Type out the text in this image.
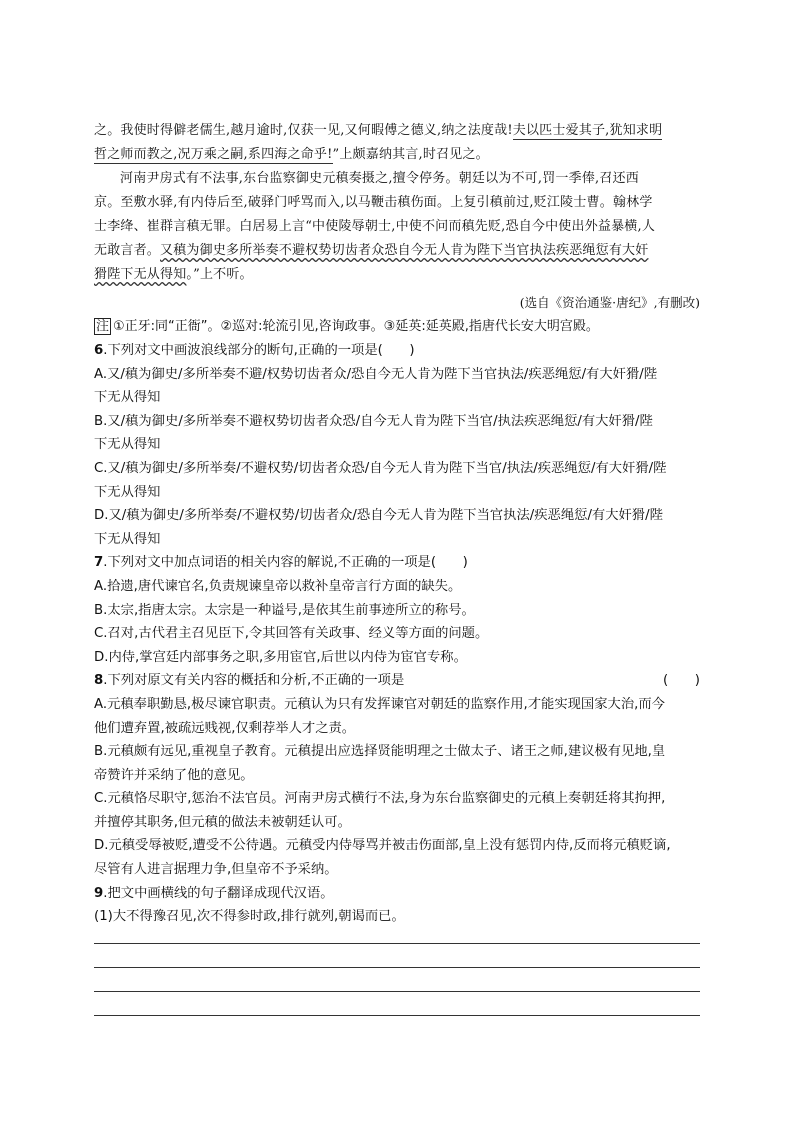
之。我使时得僻老儒生,越月逾时,仅获一见,又何暇傅之德义,纳之法度哉!夫以匹士爱其子,犹知求明
哲之师而教之,况万乘之嗣,系四海之命乎!”上颇嘉纳其言,时召见之。
河南尹房式有不法事,东台监察御史元稹奏摄之,擅令停务。朝廷以为不可,罚一季俸,召还西
京。至敷水驿,有内侍后至,破驿门呼骂而入,以马鞭击稹伤面。上复引稹前过,贬江陵士曹。翰林学
士李绛、崔群言稹无罪。白居易上言“中使陵辱朝士,中使不问而稹先贬,恐自今中使出外益暴横,人
无敢言者。又稹为御史多所举奏不避权势切齿者众恐自今无人肯为陛下当官执法疾恶绳愆有大奸
猾陛下无从得知。”上不听。
(选自《资治通鉴·唐纪》,有删改)
注 ①正牙:同“正衙”。②巡对:轮流引见,咨询政事。③延英:延英殿,指唐代长安大明宫殿。
6.下列对文中画波浪线部分的断句,正确的一项是(　　)
A.又/稹为御史/多所举奏不避/权势切齿者众/恐自今无人肯为陛下当官执法/疾恶绳愆/有大奸猾/陛
下无从得知
B.又/稹为御史/多所举奏不避权势切齿者众恐/自今无人肯为陛下当官/执法疾恶绳愆/有大奸猾/陛
下无从得知
C.又/稹为御史/多所举奏/不避权势/切齿者众恐/自今无人肯为陛下当官/执法/疾恶绳愆/有大奸猾/陛
下无从得知
D.又/稹为御史/多所举奏/不避权势/切齿者众/恐自今无人肯为陛下当官执法/疾恶绳愆/有大奸猾/陛
下无从得知
7.下列对文中加点词语的相关内容的解说,不正确的一项是(　　)
A.拾遗,唐代谏官名,负责规谏皇帝以救补皇帝言行方面的缺失。
B.太宗,指唐太宗。太宗是一种谥号,是依其生前事迹所立的称号。
C.召对,古代君主召见臣下,令其回答有关政事、经义等方面的问题。
D.内侍,掌宫廷内部事务之职,多用宦官,后世以内侍为宦官专称。
8.下列对原文有关内容的概括和分析,不正确的一项是	(　　)
A.元稹奉职勤恳,极尽谏官职责。元稹认为只有发挥谏官对朝廷的监察作用,才能实现国家大治,而今
他们遭弃置,被疏远贱视,仅剩荐举人才之责。
B.元稹颇有远见,重视皇子教育。元稹提出应选择贤能明理之士做太子、诸王之师,建议极有见地,皇
帝赞许并采纳了他的意见。
C.元稹恪尽职守,惩治不法官员。河南尹房式横行不法,身为东台监察御史的元稹上奏朝廷将其拘押,
并擅停其职务,但元稹的做法未被朝廷认可。
D.元稹受辱被贬,遭受不公待遇。元稹受内侍辱骂并被击伤面部,皇上没有惩罚内侍,反而将元稹贬谪,
尽管有人进言据理力争,但皇帝不予采纳。
9.把文中画横线的句子翻译成现代汉语。
(1)大不得豫召见,次不得参时政,排行就列,朝谒而已。
